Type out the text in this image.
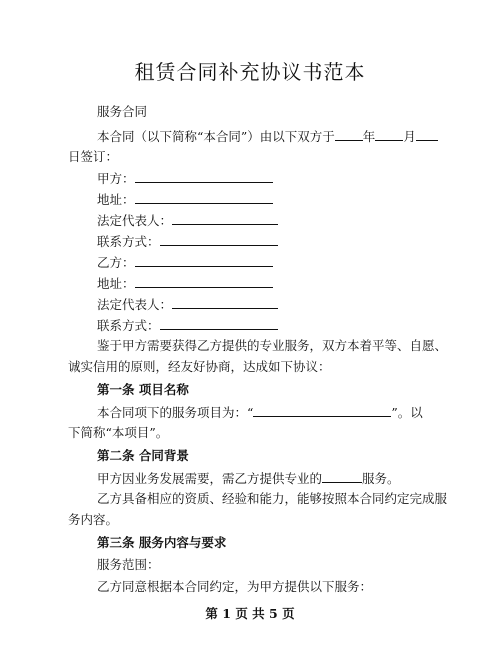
租赁合同补充协议书范本
服务合同
本合同（以下简称“本合同”）由以下双方于 年 月
日签订：
甲方：
地址：
法定代表人：
联系方式：
乙方：
地址：
法定代表人：
联系方式：
鉴于甲方需要获得乙方提供的专业服务，双方本着平等、自愿、
诚实信用的原则，经友好协商，达成如下协议：
第一条 项目名称
本合同项下的服务项目为：“	”。以
下简称“本项目”。
第二条 合同背景
甲方因业务发展需要，需乙方提供专业的	服务。
乙方具备相应的资质、经验和能力，能够按照本合同约定完成服
务内容。
第三条 服务内容与要求
服务范围：
乙方同意根据本合同约定，为甲方提供以下服务：
第 1 页 共 5 页
